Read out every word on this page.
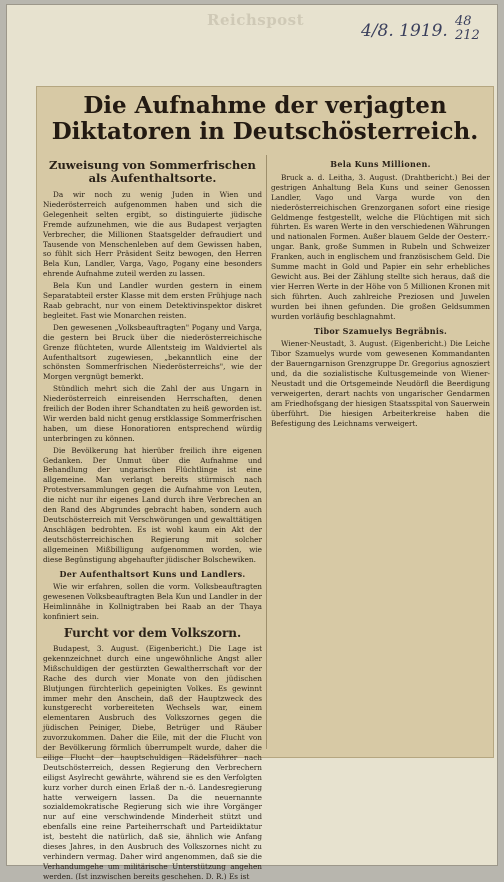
Reichspost
4/8. 1919. 48
212
Die Aufnahme der verjagten Diktatoren in Deutschösterreich.
Zuweisung von Sommerfrischen als Aufenthaltsorte.

Da wir noch zu wenig Juden in Wien und Niederösterreich aufgenommen haben und sich die Gelegenheit selten ergibt, so distinguierte jüdische Fremde aufzunehmen, wie die aus Budapest verjagten Verbrecher, die Millionen Staatsgelder defraudiert und Tausende von Menschenleben auf dem Gewissen haben, so fühlt sich Herr Präsident Seitz bewogen, den Herren Bela Kun, Landler, Varga, Vago, Pogany eine besonders ehrende Aufnahme zuteil werden zu lassen.

Bela Kun und Landler wurden gestern in einem Separatabteil erster Klasse mit dem ersten Frühjuge nach Raab gebracht, nur von einem Detektivinspektor diskret begleitet. Fast wie Monarchen reisten.

Den gewesenen „Volksbeauftragten" Pogany und Varga, die gestern bei Bruck über die niederösterreichische Grenze flüchteten, wurde Allentsteig im Waldviertel als Aufenthaltsort zugewiesen, „bekanntlich eine der schönsten Sommerfrischen Niederösterreichs", wie der Morgen vergnügt bemerkt.

Stündlich mehrt sich die Zahl der aus Ungarn in Niederösterreich einreisenden Herrschaften, denen freilich der Boden ihrer Schandtaten zu heiß geworden ist. Wir werden bald nicht genug erstklassige Sommerfrischen haben, um diese Honoratioren entsprechend würdig unterbringen zu können.

Die Bevölkerung hat hierüber freilich ihre eigenen Gedanken. Der Unmut über die Aufnahme und Behandlung der ungarischen Flüchtlinge ist eine allgemeine. Man verlangt bereits stürmisch nach Protestversammlungen gegen die Aufnahme von Leuten, die nicht nur ihr eigenes Land durch ihre Verbrechen an den Rand des Abgrundes gebracht haben, sondern auch Deutschösterreich mit Verschwörungen und gewalttätigen Anschlägen bedrohten. Es ist wohl kaum ein Akt der deutschösterreichischen Regierung mit solcher allgemeinen Mißbilligung aufgenommen worden, wie diese Begünstigung abgehaufter jüdischer Bolschewiken.

Der Aufenthaltsort Kuns und Landlers.

Wie wir erfahren, sollen die vorm. Volksbeauftragten gewesenen Volksbeauftragten Bela Kun und Landler in der Heimlinnähe in Kollnigtraben bei Raab an der Thaya konfiniert sein.

Furcht vor dem Volkszorn.

Budapest, 3. August. (Eigenbericht.) Die Lage ist gekennzeichnet durch eine ungewöhnliche Angst aller Mißschuldigen der gestürzten Gewaltherrschaft vor der Rache des durch vier Monate von den jüdischen Blutjungen fürchterlich gepeinigten Volkes. Es gewinnt immer mehr den Anschein, daß der Hauptzweck des kunstgerecht vorbereiteten Wechsels war, einem elementaren Ausbruch des Volkszornes gegen die jüdischen Peiniger, Diebe, Betrüger und Räuber zuvorzukommen. Daher die Eile, mit der die Flucht von der Bevölkerung förmlich überrumpelt wurde, daher die eilige Flucht der hauptschuldigen Rädelsführer nach Deutschösterreich, dessen Regierung den Verbrechern eiligst Asylrecht gewährte, während sie es den Verfolgten kurz vorher durch einen Erlaß der n.-ö. Landesregierung hatte verweigern lassen. Da die neuernannte sozialdemokratische Regierung sich wie ihre Vorgänger nur auf eine verschwindende Minderheit stützt und ebenfalls eine reine Parteiherrschaft und Parteidiktatur ist, besteht die natürlich, daß sie, ähnlich wie Anfang dieses Jahres, in den Ausbruch des Volkszornes nicht zu verhindern vermag. Daher wird angenommen, daß sie die Verhandumgehe um militärische Unterstützung angehen werden. (Ist inzwischen bereits geschehen. D. R.) Es ist

Bela Kuns Millionen.

Bruck a. d. Leitha, 3. August. (Drahtbericht.) Bei der gestrigen Anhaltung Bela Kuns und seiner Genossen Landler, Vago und Varga wurde von den niederösterreichischen Grenzorganen sofort eine riesige Geldmenge festgestellt, welche die Flüchtigen mit sich führten. Es waren Werte in den verschiedenen Währungen und nationalen Formen. Außer blauem Gelde der Oesterr.-ungar. Bank, große Summen in Rubeln und Schweizer Franken, auch in englischem und französischem Geld. Die Summe macht in Gold und Papier ein sehr erhebliches Gewicht aus. Bei der Zählung stellte sich heraus, daß die vier Herren Werte in der Höhe von 5 Millionen Kronen mit sich führten. Auch zahlreiche Preziosen und Juwelen wurden bei ihnen gefunden. Die großen Geldsummen wurden vorläufig beschlagnahmt.

Tibor Szamuelys Begräbnis.

Wiener-Neustadt, 3. August. (Eigenbericht.) Die Leiche Tibor Szamuelys wurde vom gewesenen Kommandanten der Bauerngarnison Grenzgruppe Dr. Gregorius agnosziert und, da die sozialistische Kultusgemeinde von Wiener-Neustadt und die Ortsgemeinde Neudörfl die Beerdigung verweigerten, derart nachts von ungarischer Gendarmen am Friedhofsgang der hiesigen Staatsspital von Sauerwein überführt. Die hiesigen Arbeiterkreise haben die Befestigung des Leichnams verweigert.
